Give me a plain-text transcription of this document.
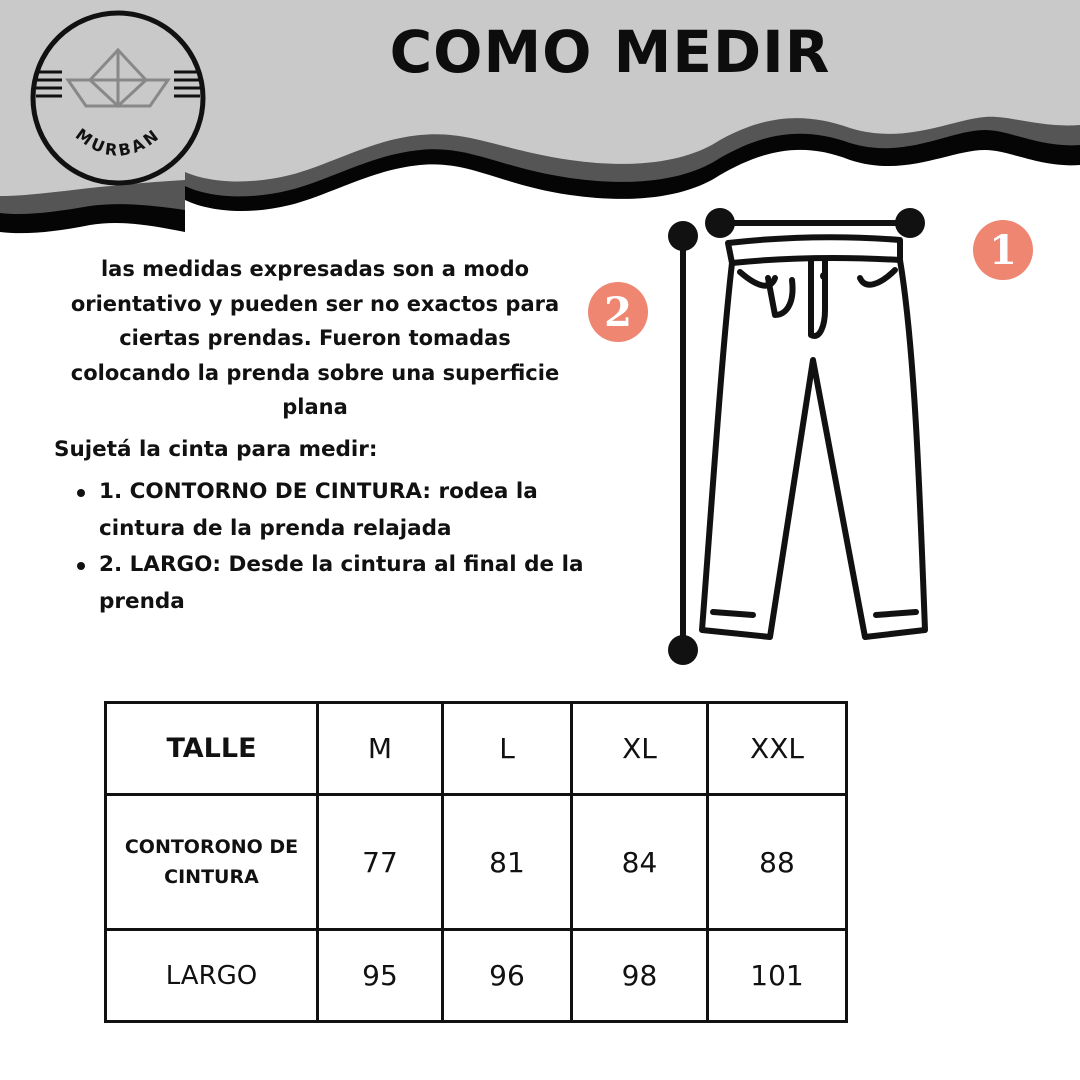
MURBAN
COMO MEDIR

las medidas expresadas son a modo orientativo y pueden ser no exactos para ciertas prendas. Fueron tomadas colocando la prenda sobre una superficie plana

Sujetá la cinta para medir:

1. CONTORNO DE CINTURA: rodea la cintura de la prenda relajada
2. LARGO: Desde la cintura al final de la prenda
1
2
TALLE	M	L	XL	XXL
CONTORONO DE CINTURA	77	81	84	88
LARGO	95	96	98	101
